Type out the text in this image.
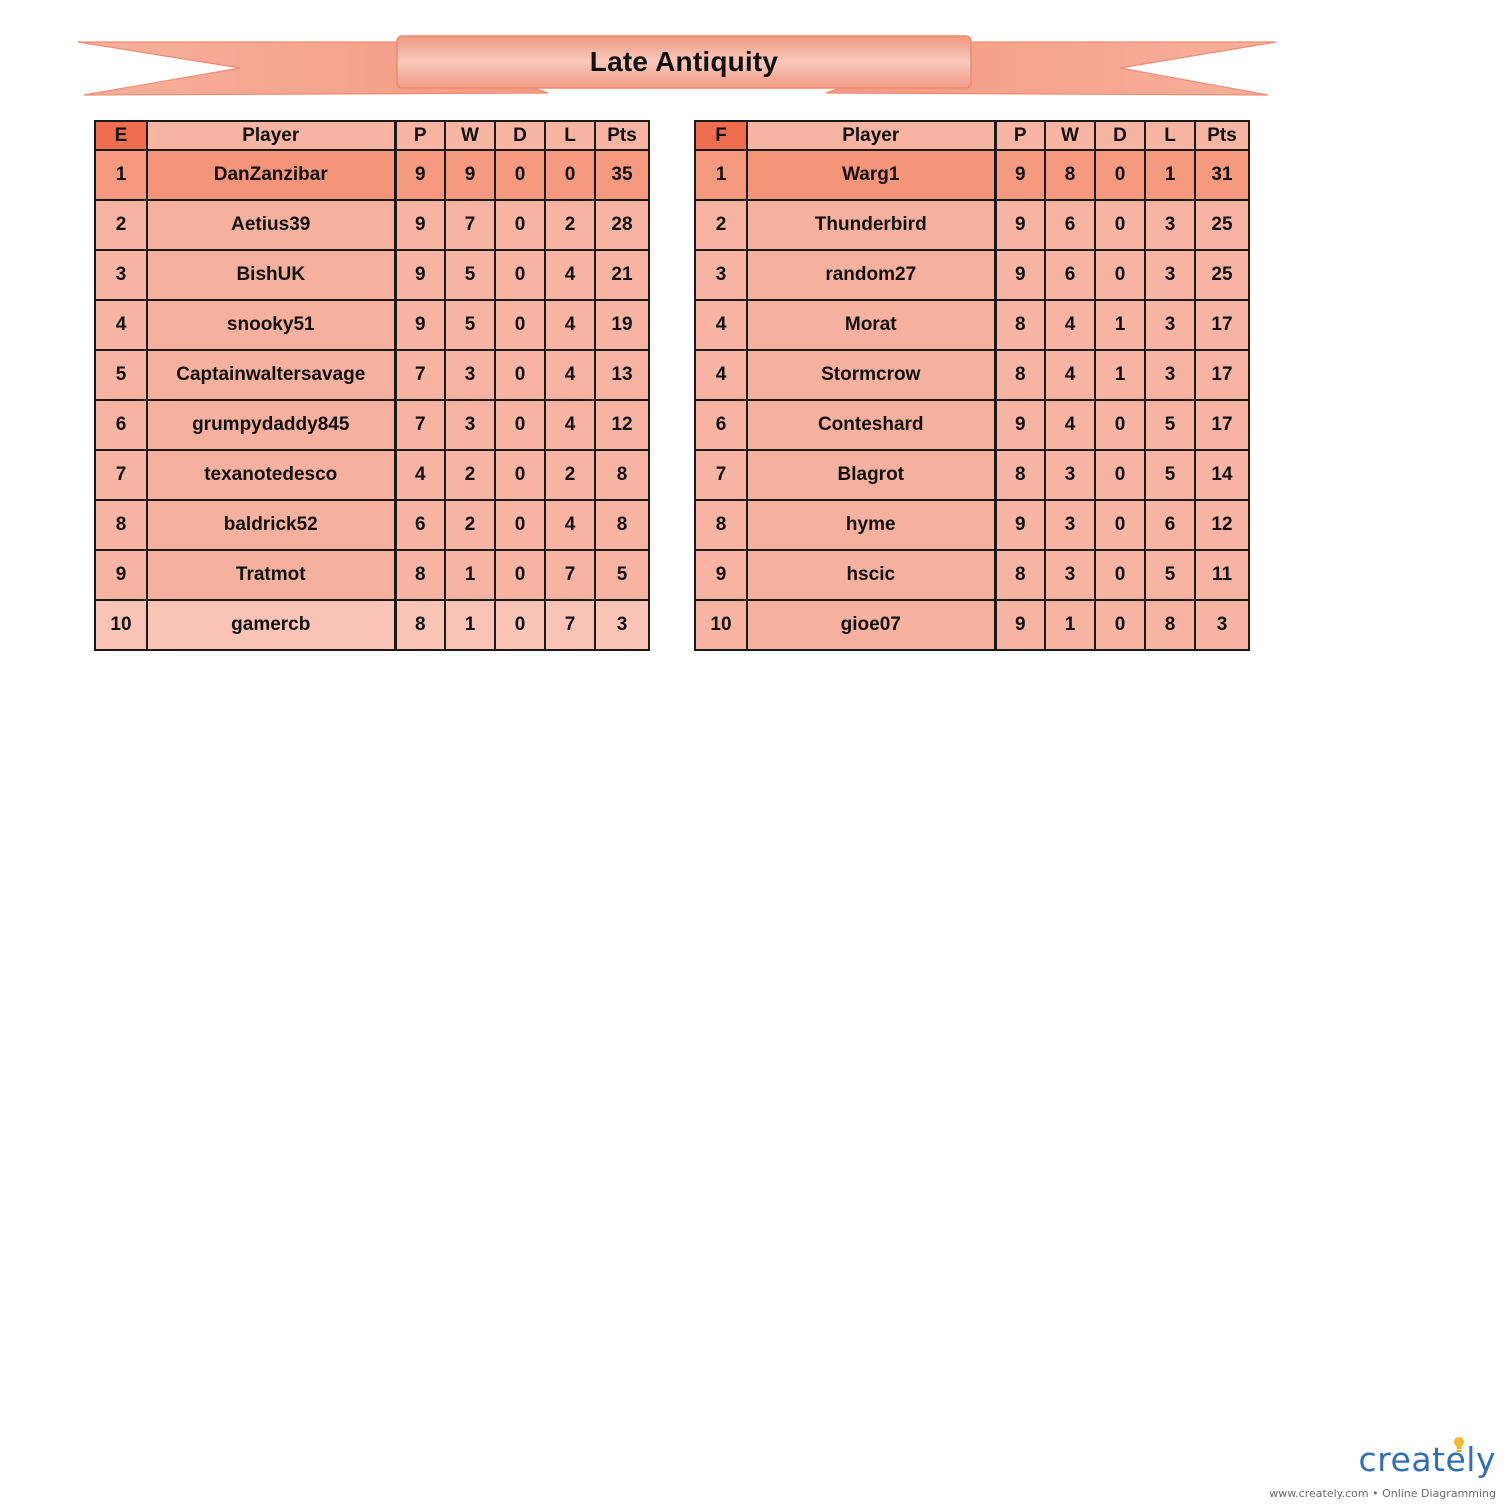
Late Antiquity
E	Player	P	W	D	L	Pts
1	DanZanzibar	9	9	0	0	35
2	Aetius39	9	7	0	2	28
3	BishUK	9	5	0	4	21
4	snooky51	9	5	0	4	19
5	Captainwaltersavage	7	3	0	4	13
6	grumpydaddy845	7	3	0	4	12
7	texanotedesco	4	2	0	2	8
8	baldrick52	6	2	0	4	8
9	Tratmot	8	1	0	7	5
10	gamercb	8	1	0	7	3
F	Player	P	W	D	L	Pts
1	Warg1	9	8	0	1	31
2	Thunderbird	9	6	0	3	25
3	random27	9	6	0	3	25
4	Morat	8	4	1	3	17
4	Stormcrow	8	4	1	3	17
6	Conteshard	9	4	0	5	17
7	Blagrot	8	3	0	5	14
8	hyme	9	3	0	6	12
9	hscic	8	3	0	5	11
10	gioe07	9	1	0	8	3
creately
www.creately.com • Online Diagramming
